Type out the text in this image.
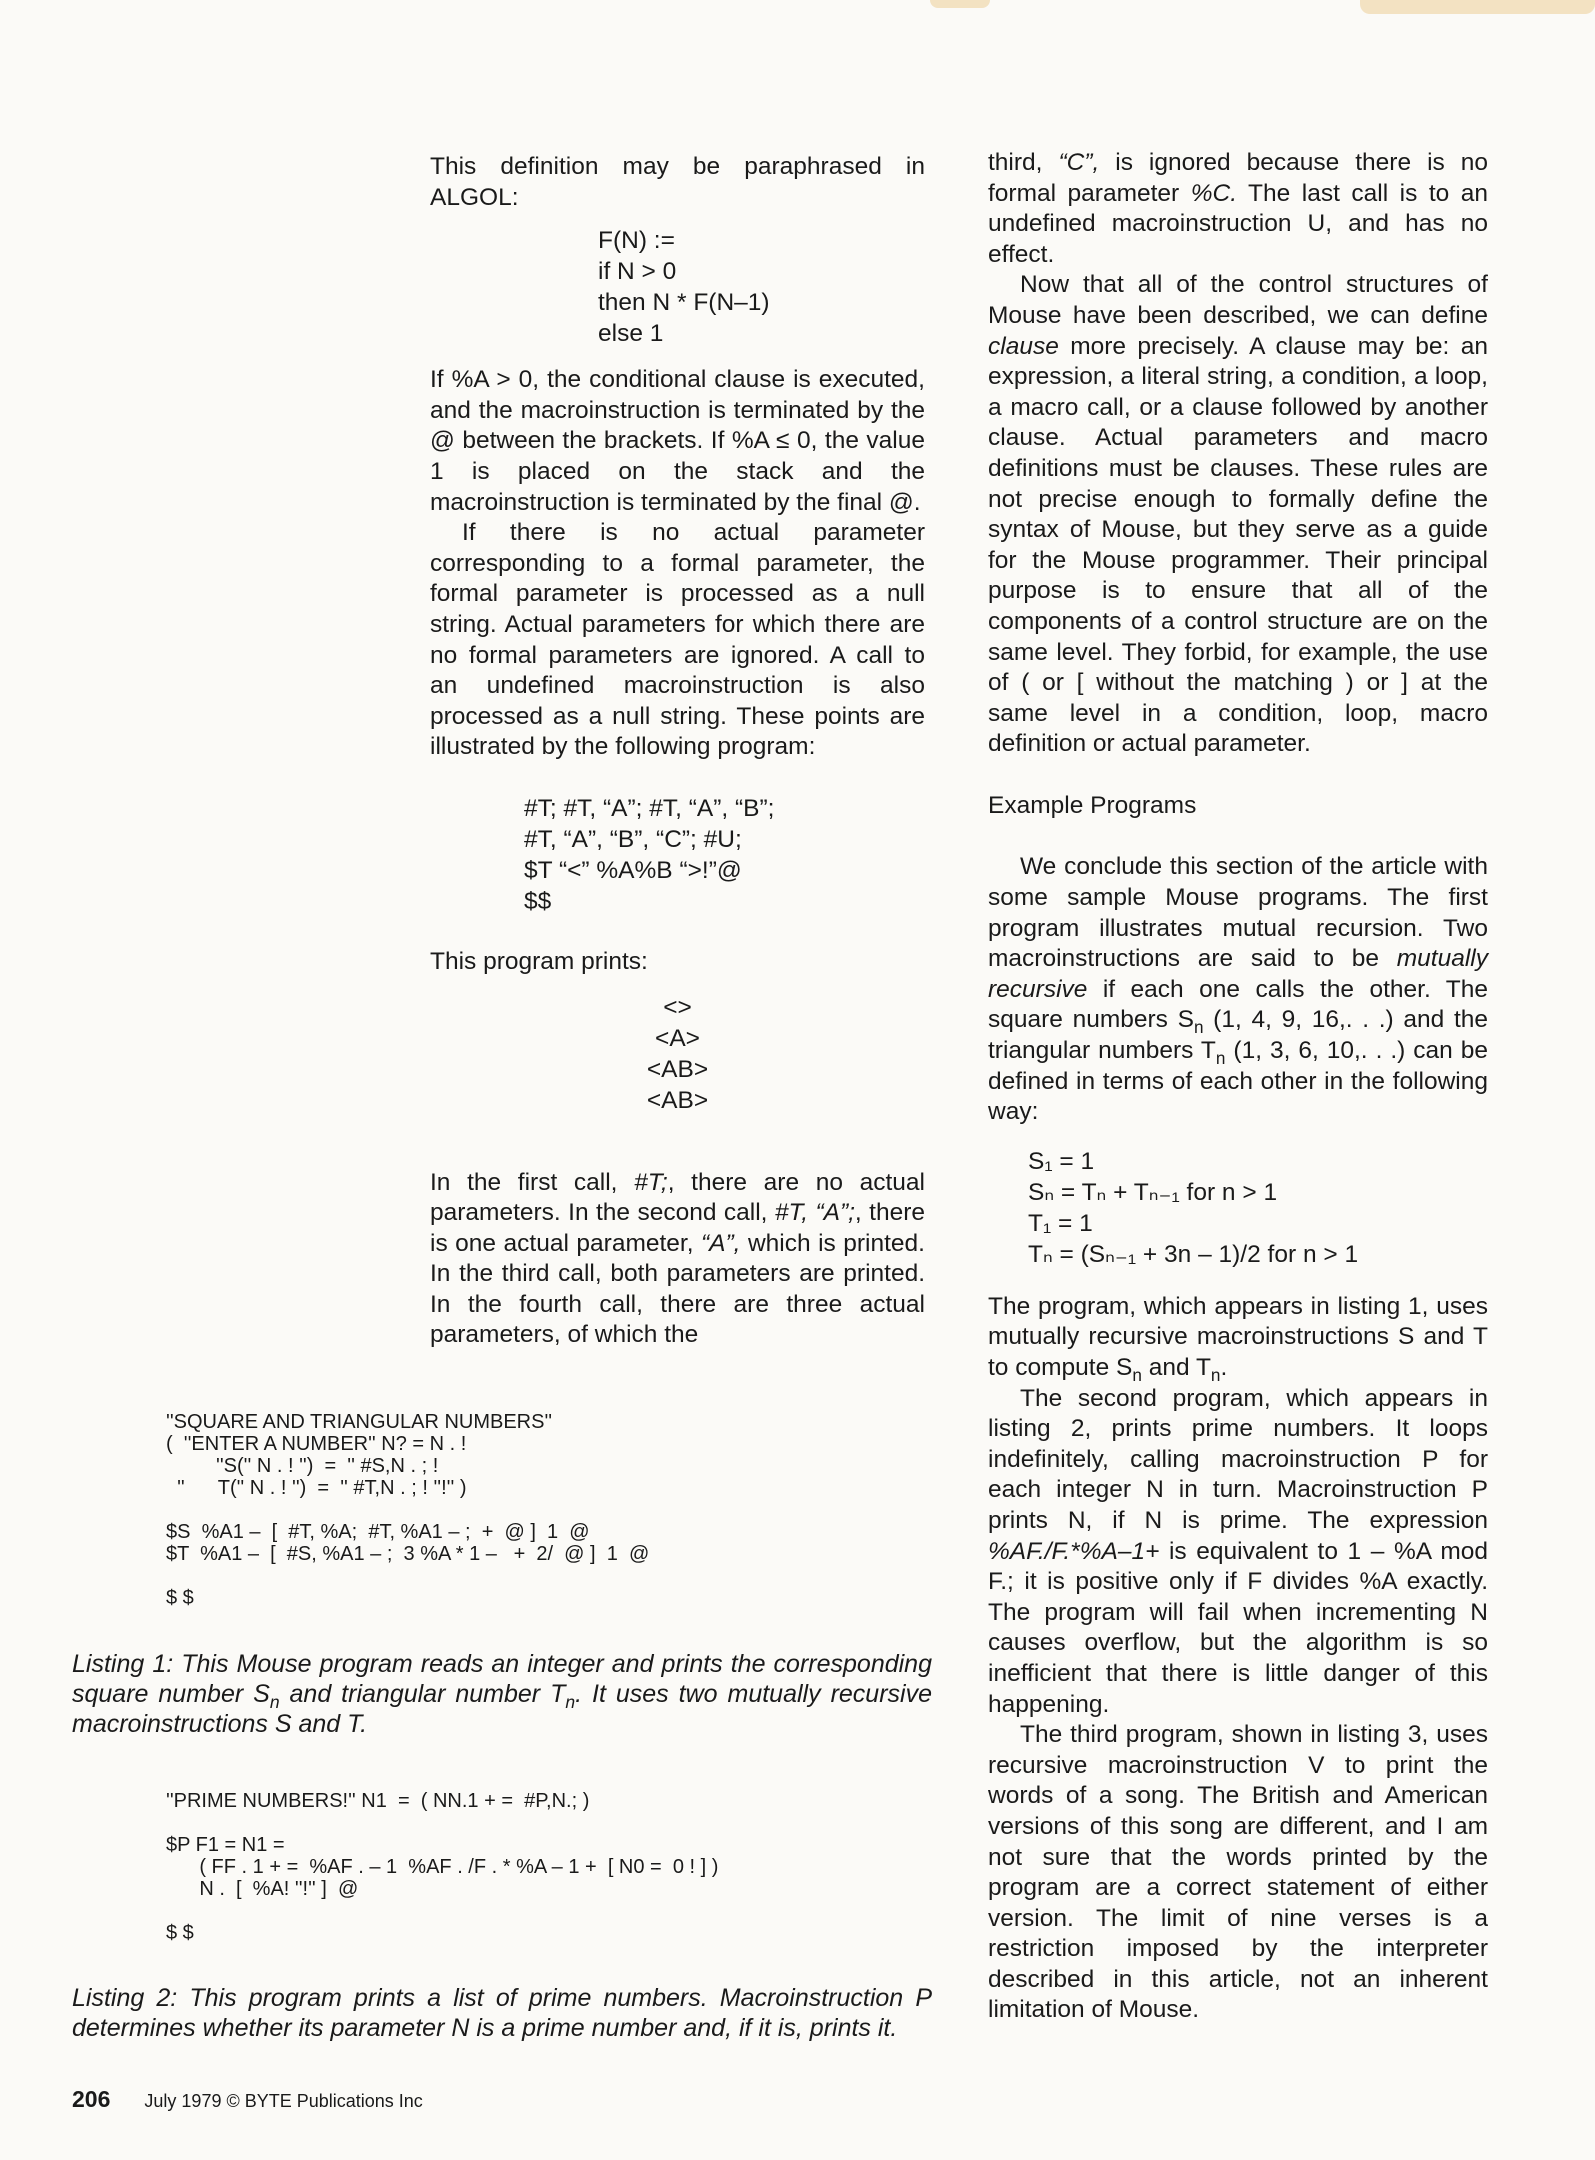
This definition may be paraphrased in ALGOL:

F(N) :=
if N > 0
then N * F(N–1)
else 1

If %A > 0, the conditional clause is executed, and the macroinstruction is terminated by the @ between the brackets. If %A ≤ 0, the value 1 is placed on the stack and the macroinstruction is terminated by the final @.

If there is no actual parameter corresponding to a formal parameter, the formal parameter is processed as a null string. Actual parameters for which there are no formal parameters are ignored. A call to an undefined macroinstruction is also processed as a null string. These points are illustrated by the following program:

#T; #T, “A”; #T, “A”, “B”;
#T, “A”, “B”, “C”; #U;
$T “<” %A%B “>!”@
$$

This program prints:

<>
<A>
<AB>
<AB>

In the first call, #T;, there are no actual parameters. In the second call, #T, “A”;, there is one actual parameter, “A”, which is printed. In the third call, both parameters are printed. In the fourth call, there are three actual parameters, of which the

third, “C”, is ignored because there is no formal parameter %C. The last call is to an undefined macroinstruction U, and has no effect.

Now that all of the control structures of Mouse have been described, we can define clause more precisely. A clause may be: an expression, a literal string, a condition, a loop, a macro call, or a clause followed by another clause. Actual parameters and macro definitions must be clauses. These rules are not precise enough to formally define the syntax of Mouse, but they serve as a guide for the Mouse programmer. Their principal purpose is to ensure that all of the components of a control structure are on the same level. They forbid, for example, the use of ( or [ without the matching ) or ] at the same level in a condition, loop, macro definition or actual parameter.

Example Programs

We conclude this section of the article with some sample Mouse programs. The first program illustrates mutual recursion. Two macroinstructions are said to be mutually recursive if each one calls the other. The square numbers $S_n$ (1, 4, 9, 16,. . .) and the triangular numbers $T_n$ (1, 3, 6, 10,. . .) can be defined in terms of each other in the following way:

S₁ = 1
Sₙ = Tₙ + Tₙ₋₁ for n > 1
T₁ = 1
Tₙ = (Sₙ₋₁ + 3n – 1)/2 for n > 1

The program, which appears in listing 1, uses mutually recursive macroinstructions S and T to compute $S_n$ and $T_n$.

The second program, which appears in listing 2, prints prime numbers. It loops indefinitely, calling macroinstruction P for each integer N in turn. Macroinstruction P prints N, if N is prime. The expression %AF./F.*%A–1+ is equivalent to 1 – %A mod F.; it is positive only if F divides %A exactly. The program will fail when incrementing N causes overflow, but the algorithm is so inefficient that there is little danger of this happening.

The third program, shown in listing 3, uses recursive macroinstruction V to print the words of a song. The British and American versions of this song are different, and I am not sure that the words printed by the program are a correct statement of either version. The limit of nine verses is a restriction imposed by the interpreter described in this article, not an inherent limitation of Mouse.

''SQUARE AND TRIANGULAR NUMBERS''
(  ''ENTER A NUMBER'' N? = N . !
''S('' N . ! '')  =  '' #S,N . ; !
''      T('' N . ! '')  =  '' #T,N . ; ! ''!'' )

$S  %A1 –  [  #T, %A;  #T, %A1 – ;  +  @ ]  1  @
$T  %A1 –  [  #S, %A1 – ;  3 %A * 1 –   +  2/  @ ]  1  @

$ $
Listing 1: This Mouse program reads an integer and prints the corresponding square number $S_n$ and triangular number $T_n$. It uses two mutually recursive macroinstructions S and T.
''PRIME NUMBERS!'' N1  =  ( NN.1 + =  #P,N.; )

$P F1 = N1 =
( FF . 1 + =  %AF . – 1  %AF . /F . * %A – 1 +  [ N0 =  0 ! ] )
N .  [  %A! ''!'' ]  @

$ $
Listing 2: This program prints a list of prime numbers. Macroinstruction P determines whether its parameter N is a prime number and, if it is, prints it.
206 July 1979 © BYTE Publications Inc
